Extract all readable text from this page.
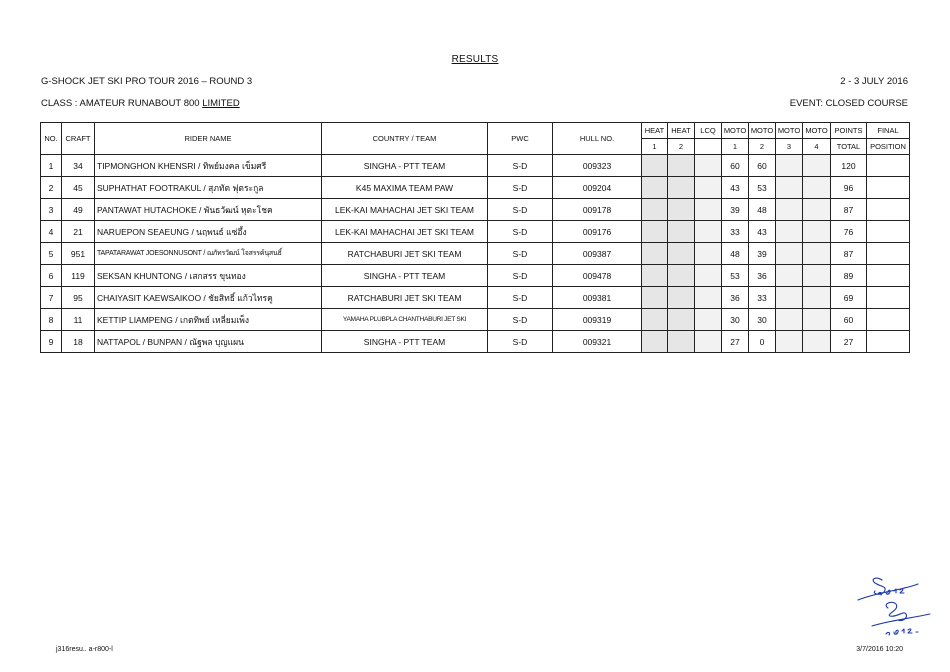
RESULTS
G-SHOCK JET SKI PRO TOUR 2016 – ROUND 3	2 - 3 JULY 2016
CLASS : AMATEUR RUNABOUT 800 LIMITED	EVENT: CLOSED COURSE
NO.	CRAFT	RIDER NAME	COUNTRY / TEAM	PWC	HULL NO.	HEAT	HEAT	LCQ	MOTO	MOTO	MOTO	MOTO	POINTS	FINAL
						1	2		1	2	3	4	TOTAL	POSITION
1	34	TIPMONGHON KHENSRI / ทิพย์มงคล เข็มศรี	SINGHA - PTT TEAM	S-D	009323				60	60			120	
2	45	SUPHATHAT FOOTRAKUL / สุภทัต ฟุตระกูล	K45 MAXIMA TEAM PAW	S-D	009204				43	53			96	
3	49	PANTAWAT HUTACHOKE / พันธวัฒน์ หุตะโชค	LEK-KAI MAHACHAI JET SKI TEAM	S-D	009178				39	48			87	
4	21	NARUEPON SEAEUNG / นฤพนธ์ แซ่อึ้ง	LEK-KAI MAHACHAI JET SKI TEAM	S-D	009176				33	43			76	
5	951	TAPATARAWAT JOESONNUSONT / ฌภัทรวัฒน์ โจสรรค์นุสนธิ์	RATCHABURI JET SKI TEAM	S-D	009387				48	39			87	
6	119	SEKSAN KHUNTONG / เสกสรร ขุนทอง	SINGHA - PTT TEAM	S-D	009478				53	36			89	
7	95	CHAIYASIT KAEWSAIKOO / ชัยสิทธิ์ แก้วไทรคู	RATCHABURI JET SKI TEAM	S-D	009381				36	33			69	
8	11	KETTIP LIAMPENG / เกตทิพย์ เหลี่ยมเพ็ง	YAMAHA PLUBPLA CHANTHABURI JET SKI	S-D	009319				30	30			60	
9	18	NATTAPOL / BUNPAN / ณัฐพล บุญแผน	SINGHA - PTT TEAM	S-D	009321				27	0			27	
j316resu.. a-r800-l	3/7/2016 10:20
